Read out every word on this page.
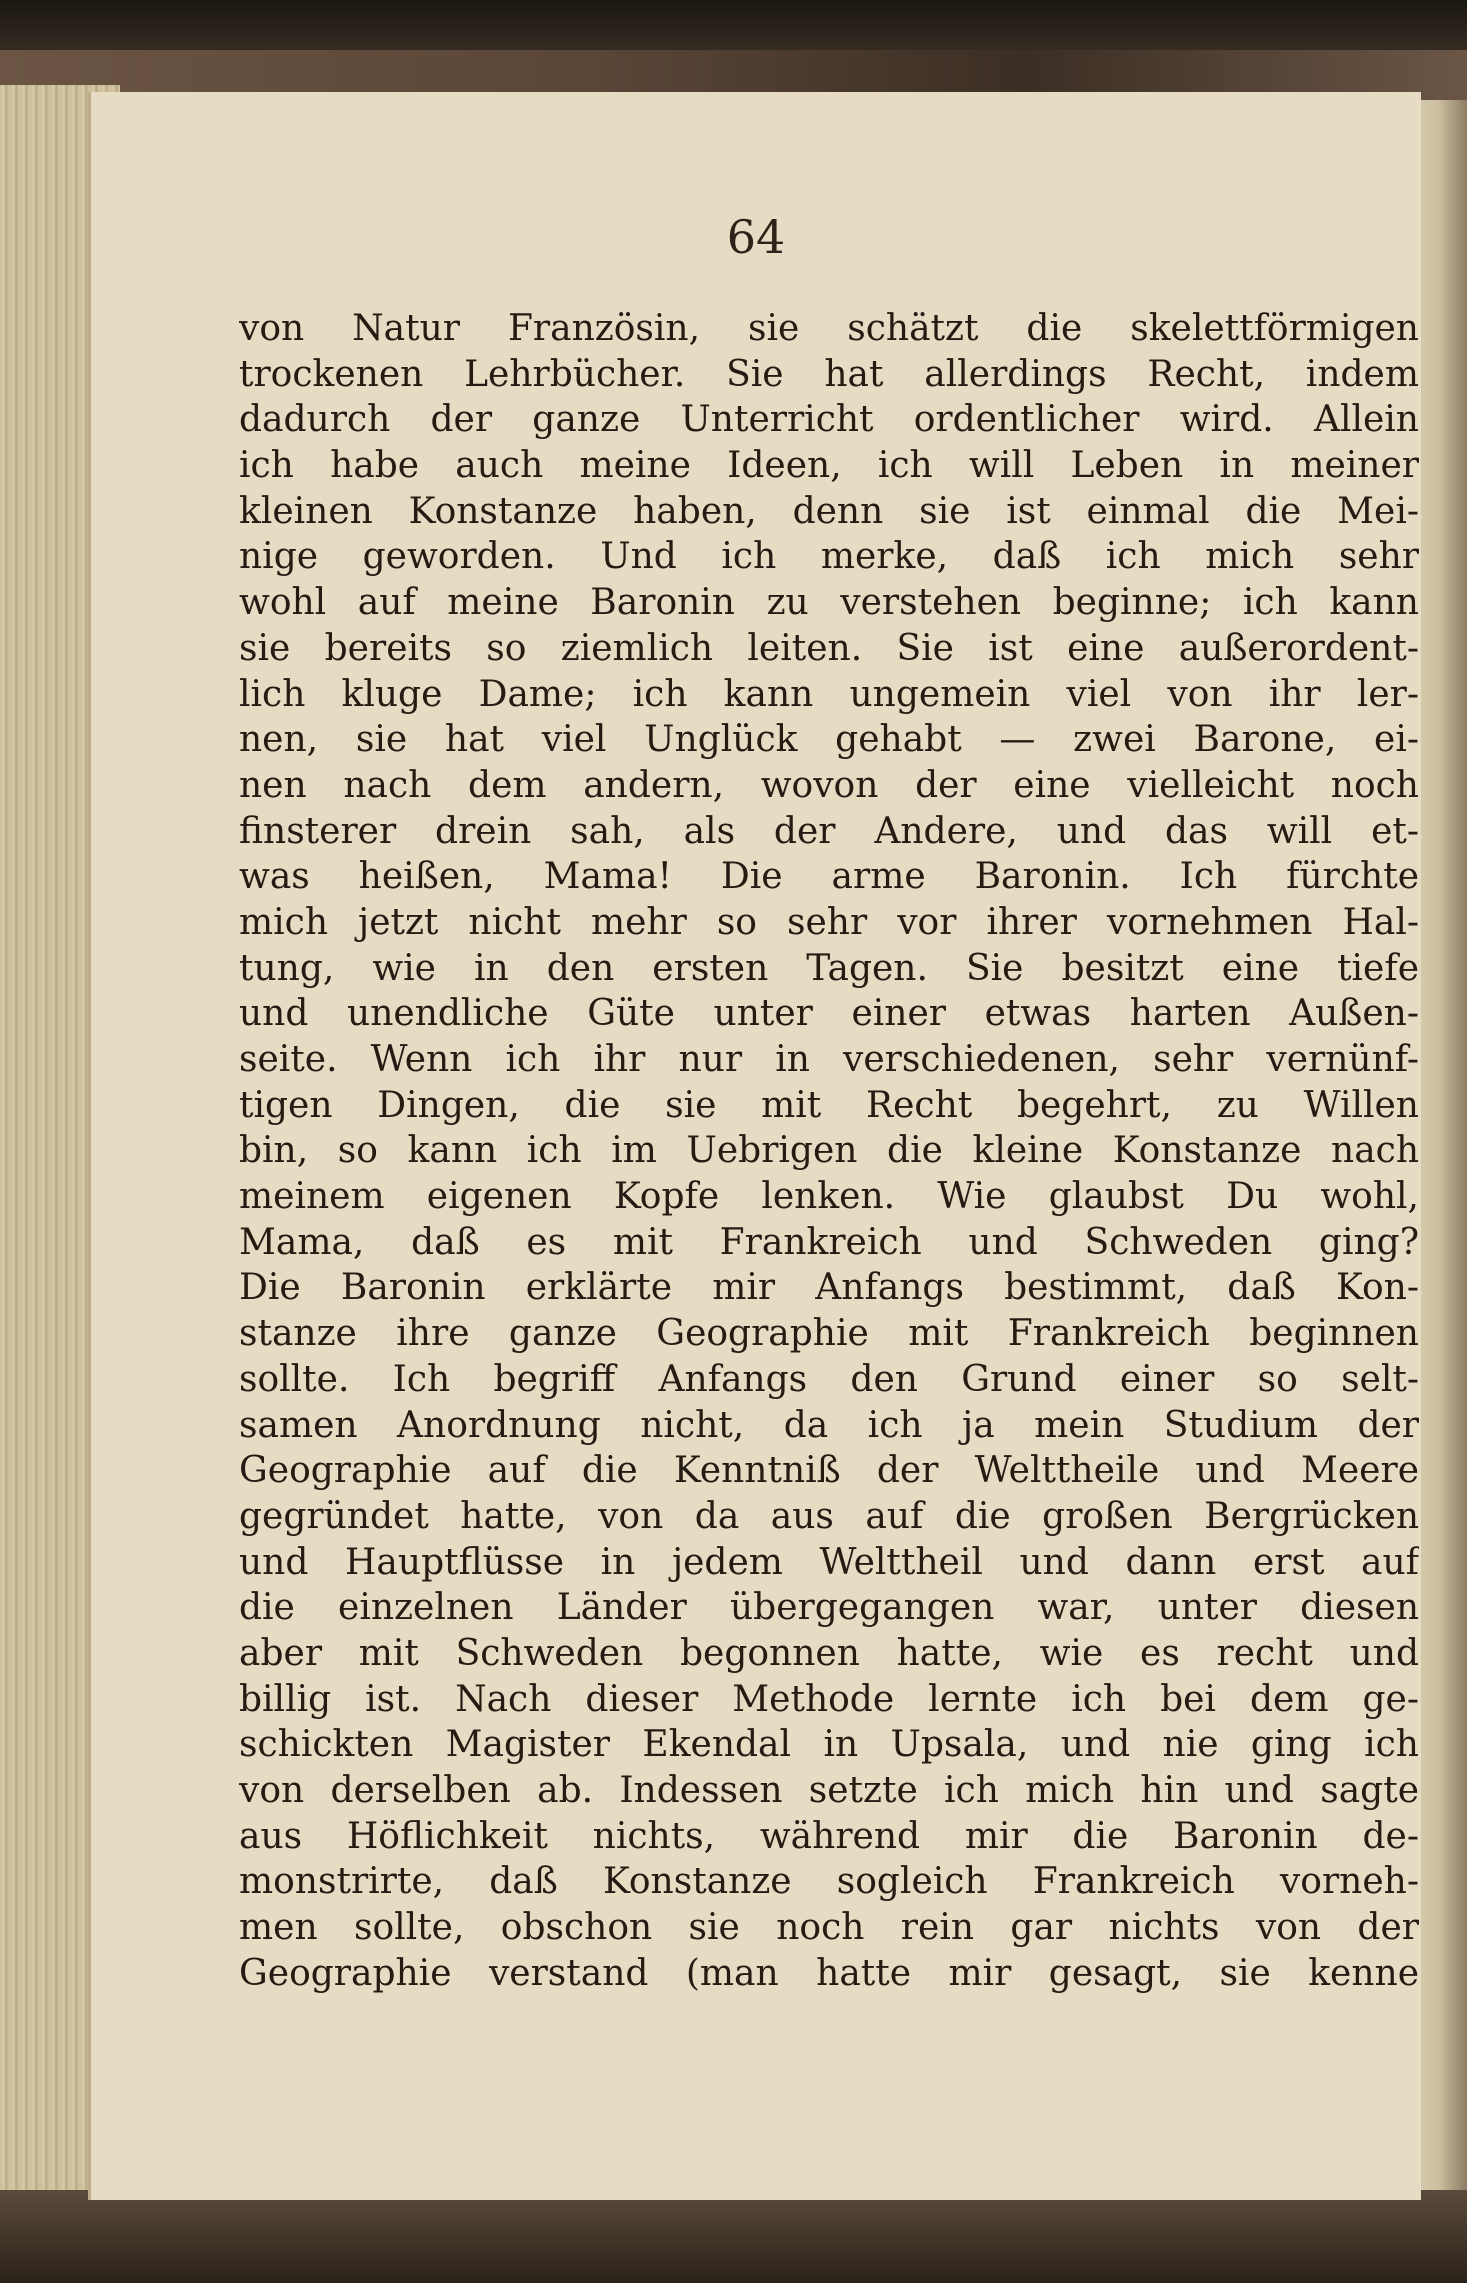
64
von Natur Französin, sie schätzt die skelettförmigen
trockenen Lehrbücher. Sie hat allerdings Recht, indem
dadurch der ganze Unterricht ordentlicher wird. Allein
ich habe auch meine Ideen, ich will Leben in meiner
kleinen Konstanze haben, denn sie ist einmal die Mei-
nige geworden. Und ich merke, daß ich mich sehr
wohl auf meine Baronin zu verstehen beginne; ich kann
sie bereits so ziemlich leiten. Sie ist eine außerordent-
lich kluge Dame; ich kann ungemein viel von ihr ler-
nen, sie hat viel Unglück gehabt — zwei Barone, ei-
nen nach dem andern, wovon der eine vielleicht noch
finsterer drein sah, als der Andere, und das will et-
was heißen, Mama! Die arme Baronin. Ich fürchte
mich jetzt nicht mehr so sehr vor ihrer vornehmen Hal-
tung, wie in den ersten Tagen. Sie besitzt eine tiefe
und unendliche Güte unter einer etwas harten Außen-
seite. Wenn ich ihr nur in verschiedenen, sehr vernünf-
tigen Dingen, die sie mit Recht begehrt, zu Willen
bin, so kann ich im Uebrigen die kleine Konstanze nach
meinem eigenen Kopfe lenken. Wie glaubst Du wohl,
Mama, daß es mit Frankreich und Schweden ging?
Die Baronin erklärte mir Anfangs bestimmt, daß Kon-
stanze ihre ganze Geographie mit Frankreich beginnen
sollte. Ich begriff Anfangs den Grund einer so selt-
samen Anordnung nicht, da ich ja mein Studium der
Geographie auf die Kenntniß der Welttheile und Meere
gegründet hatte, von da aus auf die großen Bergrücken
und Hauptflüsse in jedem Welttheil und dann erst auf
die einzelnen Länder übergegangen war, unter diesen
aber mit Schweden begonnen hatte, wie es recht und
billig ist. Nach dieser Methode lernte ich bei dem ge-
schickten Magister Ekendal in Upsala, und nie ging ich
von derselben ab. Indessen setzte ich mich hin und sagte
aus Höflichkeit nichts, während mir die Baronin de-
monstrirte, daß Konstanze sogleich Frankreich vorneh-
men sollte, obschon sie noch rein gar nichts von der
Geographie verstand (man hatte mir gesagt, sie kenne
